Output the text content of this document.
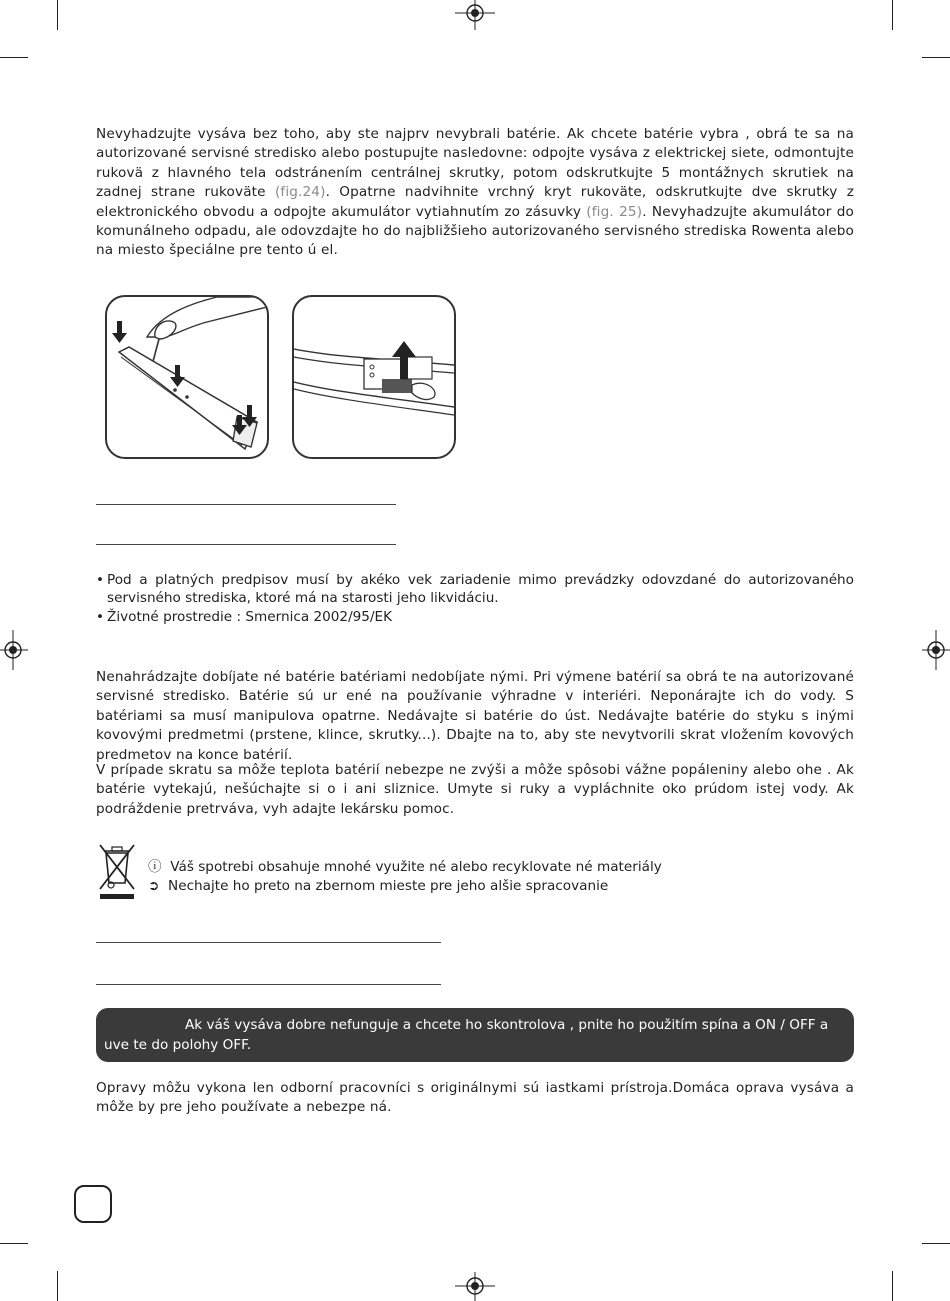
Nevyhadzujte vysáva bez toho, aby ste najprv nevybrali batérie. Ak chcete batérie vybra , obrá te sa na autorizované servisné stredisko alebo postupujte nasledovne: odpojte vysáva z elektrickej siete, odmontujte rukovä z hlavného tela odstránením centrálnej skrutky, potom odskrutkujte 5 montážnych skrutiek na zadnej strane rukoväte (fig.24). Opatrne nadvihnite vrchný kryt rukoväte, odskrutkujte dve skrutky z elektronického obvodu a odpojte akumulátor vytiahnutím zo zásuvky (fig. 25). Nevyhadzujte akumulátor do komunálneho odpadu, ale odovzdajte ho do najbližšieho autorizovaného servisného strediska Rowenta alebo na miesto špeciálne pre tento ú el.
• Pod a platných predpisov musí by akéko vek zariadenie mimo prevádzky odovzdané do autorizovaného servisného strediska, ktoré má na starosti jeho likvidáciu.
• Životné prostredie : Smernica 2002/95/EK
Nenahrádzajte dobíjate né batérie batériami nedobíjate nými. Pri výmene batérií sa obrá te na autorizované servisné stredisko. Batérie sú ur ené na používanie výhradne v interiéri. Neponárajte ich do vody. S batériami sa musí manipulova opatrne. Nedávajte si batérie do úst. Nedávajte batérie do styku s inými kovovými predmetmi (prstene, klince, skrutky...). Dbajte na to, aby ste nevytvorili skrat vložením kovových predmetov na konce batérií.
V prípade skratu sa môže teplota batérií nebezpe ne zvýši a môže spôsobi vážne popáleniny alebo ohe . Ak batérie vytekajú, nešúchajte si o i ani sliznice. Umyte si ruky a vypláchnite oko prúdom istej vody. Ak podráždenie pretrváva, vyh adajte lekársku pomoc.
ⓘ Váš spotrebi obsahuje mnohé využite né alebo recyklovate né materiály
➲ Nechajte ho preto na zbernom mieste pre jeho alšie spracovanie
Ak váš vysáva dobre nefunguje a chcete ho skontrolova , pnite ho použitím spína a ON / OFF a uve te do polohy OFF.
Opravy môžu vykona len odborní pracovníci s originálnymi sú iastkami prístroja.Domáca oprava vysáva a môže by pre jeho používate a nebezpe ná.
